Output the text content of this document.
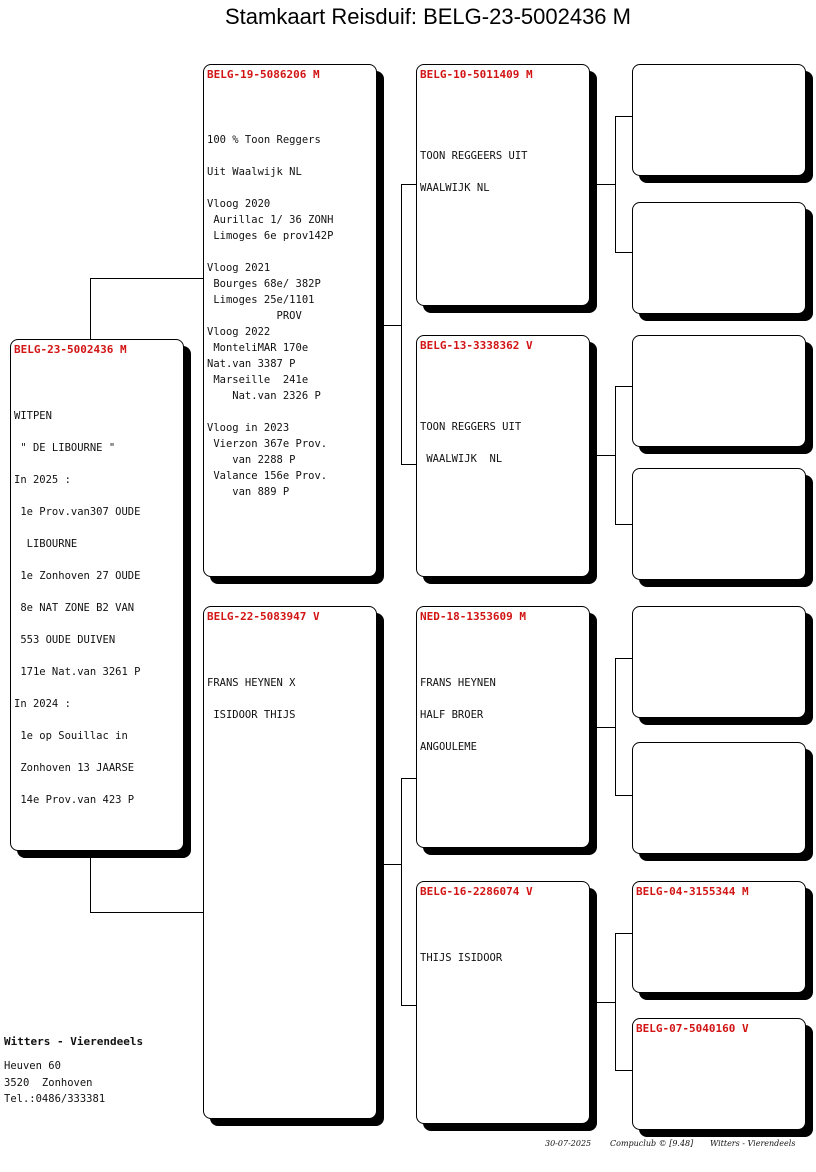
Stamkaart Reisduif: BELG-23-5002436 M
BELG-23-5002436 M
WITPEN
" DE LIBOURNE "
In 2025 :
1e Prov.van307 OUDE
LIBOURNE
1e Zonhoven 27 OUDE
8e NAT ZONE B2 VAN
553 OUDE DUIVEN
171e Nat.van 3261 P
In 2024 :
1e op Souillac in
Zonhoven 13 JAARSE
14e Prov.van 423 P
BELG-19-5086206 M
100 % Toon Reggers
Uit Waalwijk NL
Vloog 2020
Aurillac 1/ 36 ZONH
Limoges 6e prov142P
Vloog 2021
Bourges 68e/ 382P
Limoges 25e/1101
PROV
Vloog 2022
MonteliMAR 170e
Nat.van 3387 P
Marseille  241e
Nat.van 2326 P
Vloog in 2023
Vierzon 367e Prov.
van 2288 P
Valance 156e Prov.
van 889 P
BELG-22-5083947 V
FRANS HEYNEN X
ISIDOOR THIJS
BELG-10-5011409 M
TOON REGGEERS UIT
WAALWIJK NL
BELG-13-3338362 V
TOON REGGERS UIT
WAALWIJK  NL
NED-18-1353609 M
FRANS HEYNEN
HALF BROER
ANGOULEME
BELG-16-2286074 V
THIJS ISIDOOR
BELG-04-3155344 M
BELG-07-5040160 V
Witters - Vierendeels
Heuven 60
3520  Zonhoven
Tel.:0486/333381
30-07-2025 Compuclub © [9.48] Witters - Vierendeels
